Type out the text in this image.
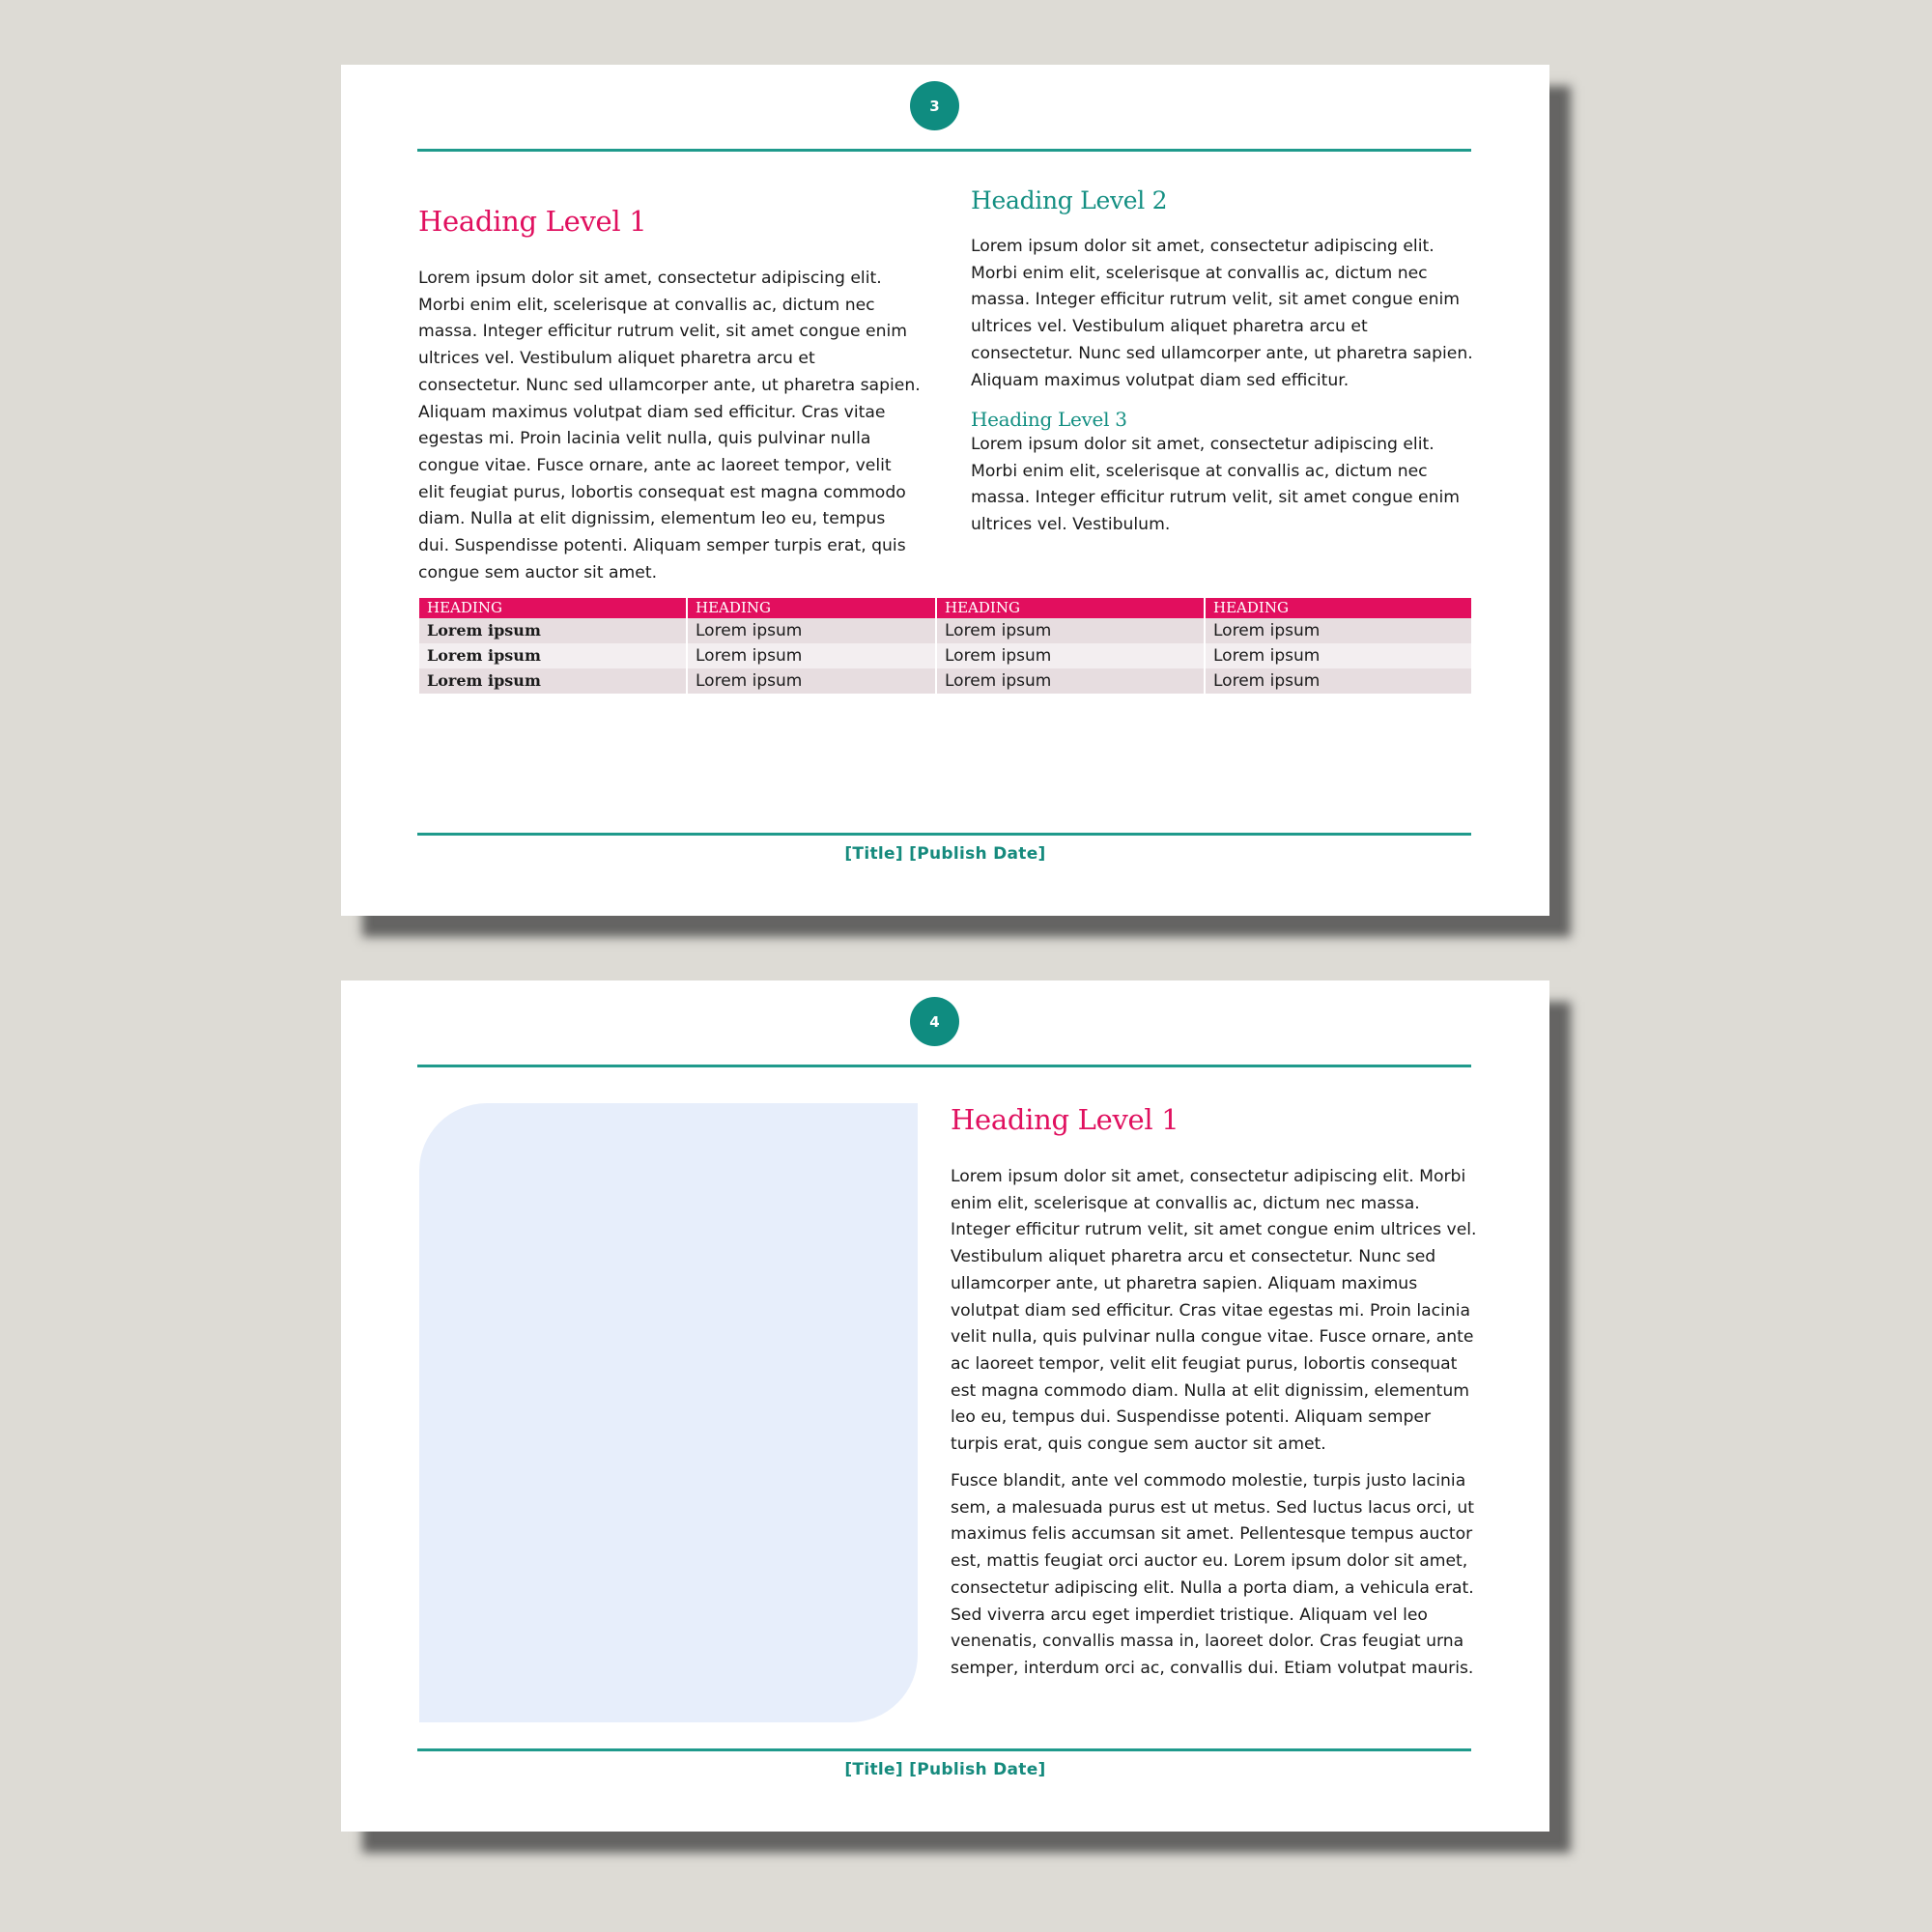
3
Heading Level 1

Lorem ipsum dolor sit amet, consectetur adipiscing elit. Morbi enim elit, scelerisque at convallis ac, dictum nec massa. Integer efficitur rutrum velit, sit amet congue enim ultrices vel. Vestibulum aliquet pharetra arcu et consectetur. Nunc sed ullamcorper ante, ut pharetra sapien. Aliquam maximus volutpat diam sed efficitur. Cras vitae egestas mi. Proin lacinia velit nulla, quis pulvinar nulla congue vitae. Fusce ornare, ante ac laoreet tempor, velit elit feugiat purus, lobortis consequat est magna commodo diam. Nulla at elit dignissim, elementum leo eu, tempus dui. Suspendisse potenti. Aliquam semper turpis erat, quis congue sem auctor sit amet.

Heading Level 2

Lorem ipsum dolor sit amet, consectetur adipiscing elit. Morbi enim elit, scelerisque at convallis ac, dictum nec massa. Integer efficitur rutrum velit, sit amet congue enim ultrices vel. Vestibulum aliquet pharetra arcu et consectetur. Nunc sed ullamcorper ante, ut pharetra sapien. Aliquam maximus volutpat diam sed efficitur.

Heading Level 3

Lorem ipsum dolor sit amet, consectetur adipiscing elit. Morbi enim elit, scelerisque at convallis ac, dictum nec massa. Integer efficitur rutrum velit, sit amet congue enim ultrices vel. Vestibulum.

HEADING	HEADING	HEADING	HEADING
Lorem ipsum	Lorem ipsum	Lorem ipsum	Lorem ipsum
Lorem ipsum	Lorem ipsum	Lorem ipsum	Lorem ipsum
Lorem ipsum	Lorem ipsum	Lorem ipsum	Lorem ipsum
[Title] [Publish Date]
4
Heading Level 1

Lorem ipsum dolor sit amet, consectetur adipiscing elit. Morbi enim elit, scelerisque at convallis ac, dictum nec massa. Integer efficitur rutrum velit, sit amet congue enim ultrices vel. Vestibulum aliquet pharetra arcu et consectetur. Nunc sed ullamcorper ante, ut pharetra sapien. Aliquam maximus volutpat diam sed efficitur. Cras vitae egestas mi. Proin lacinia velit nulla, quis pulvinar nulla congue vitae. Fusce ornare, ante ac laoreet tempor, velit elit feugiat purus, lobortis consequat est magna commodo diam. Nulla at elit dignissim, elementum leo eu, tempus dui. Suspendisse potenti. Aliquam semper turpis erat, quis congue sem auctor sit amet.

Fusce blandit, ante vel commodo molestie, turpis justo lacinia sem, a malesuada purus est ut metus. Sed luctus lacus orci, ut maximus felis accumsan sit amet. Pellentesque tempus auctor est, mattis feugiat orci auctor eu. Lorem ipsum dolor sit amet, consectetur adipiscing elit. Nulla a porta diam, a vehicula erat. Sed viverra arcu eget imperdiet tristique. Aliquam vel leo venenatis, convallis massa in, laoreet dolor. Cras feugiat urna semper, interdum orci ac, convallis dui. Etiam volutpat mauris.

[Title] [Publish Date]
